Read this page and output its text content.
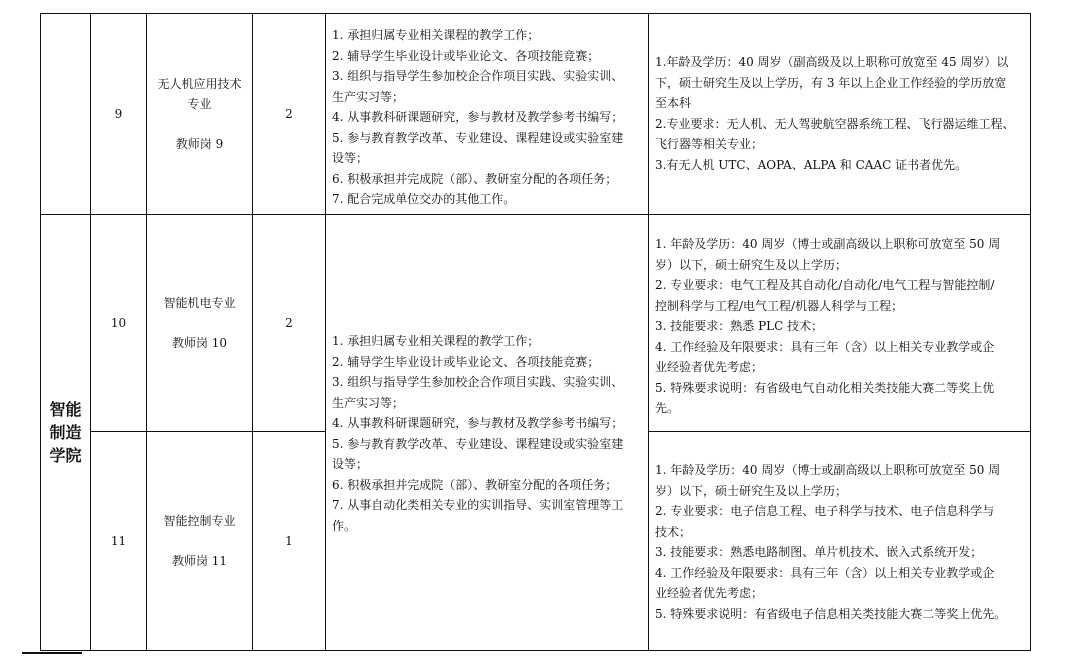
9

无人机应用技术

专业

教师岗 9

2

1. 承担归属专业相关课程的教学工作；

2. 辅导学生毕业设计或毕业论文、各项技能竞赛；

3. 组织与指导学生参加校企合作项目实践、实验实训、

生产实习等；

4. 从事教科研课题研究，参与教材及教学参考书编写；

5. 参与教育教学改革、专业建设、课程建设或实验室建

设等；

6. 积极承担并完成院（部）、教研室分配的各项任务；

7. 配合完成单位交办的其他工作。

1.年龄及学历：40 周岁（副高级及以上职称可放宽至 45 周岁）以

下，硕士研究生及以上学历，有 3 年以上企业工作经验的学历放宽

至本科

2.专业要求：无人机、无人驾驶航空器系统工程、飞行器运维工程、

飞行器等相关专业；

3.有无人机 UTC、AOPA、ALPA 和 CAAC 证书者优先。

智能
制造
学院
10

智能机电专业

教师岗 10

2

1. 年龄及学历：40 周岁（博士或副高级以上职称可放宽至 50 周

岁）以下，硕士研究生及以上学历；

2. 专业要求：电气工程及其自动化/自动化/电气工程与智能控制/

控制科学与工程/电气工程/机器人科学与工程；

3. 技能要求：熟悉 PLC 技术；

4. 工作经验及年限要求：具有三年（含）以上相关专业教学或企

业经验者优先考虑；

5. 特殊要求说明：有省级电气自动化相关类技能大赛二等奖上优

先。

1. 承担归属专业相关课程的教学工作；

2. 辅导学生毕业设计或毕业论文、各项技能竞赛；

3. 组织与指导学生参加校企合作项目实践、实验实训、

生产实习等；

4. 从事教科研课题研究，参与教材及教学参考书编写；

5. 参与教育教学改革、专业建设、课程建设或实验室建

设等；

6. 积极承担并完成院（部）、教研室分配的各项任务；

7. 从事自动化类相关专业的实训指导、实训室管理等工

作。

11

智能控制专业

教师岗 11

1

1. 年龄及学历：40 周岁（博士或副高级以上职称可放宽至 50 周

岁）以下，硕士研究生及以上学历；

2. 专业要求：电子信息工程、电子科学与技术、电子信息科学与

技术；

3. 技能要求：熟悉电路制图、单片机技术、嵌入式系统开发；

4. 工作经验及年限要求：具有三年（含）以上相关专业教学或企

业经验者优先考虑；

5. 特殊要求说明：有省级电子信息相关类技能大赛二等奖上优先。
